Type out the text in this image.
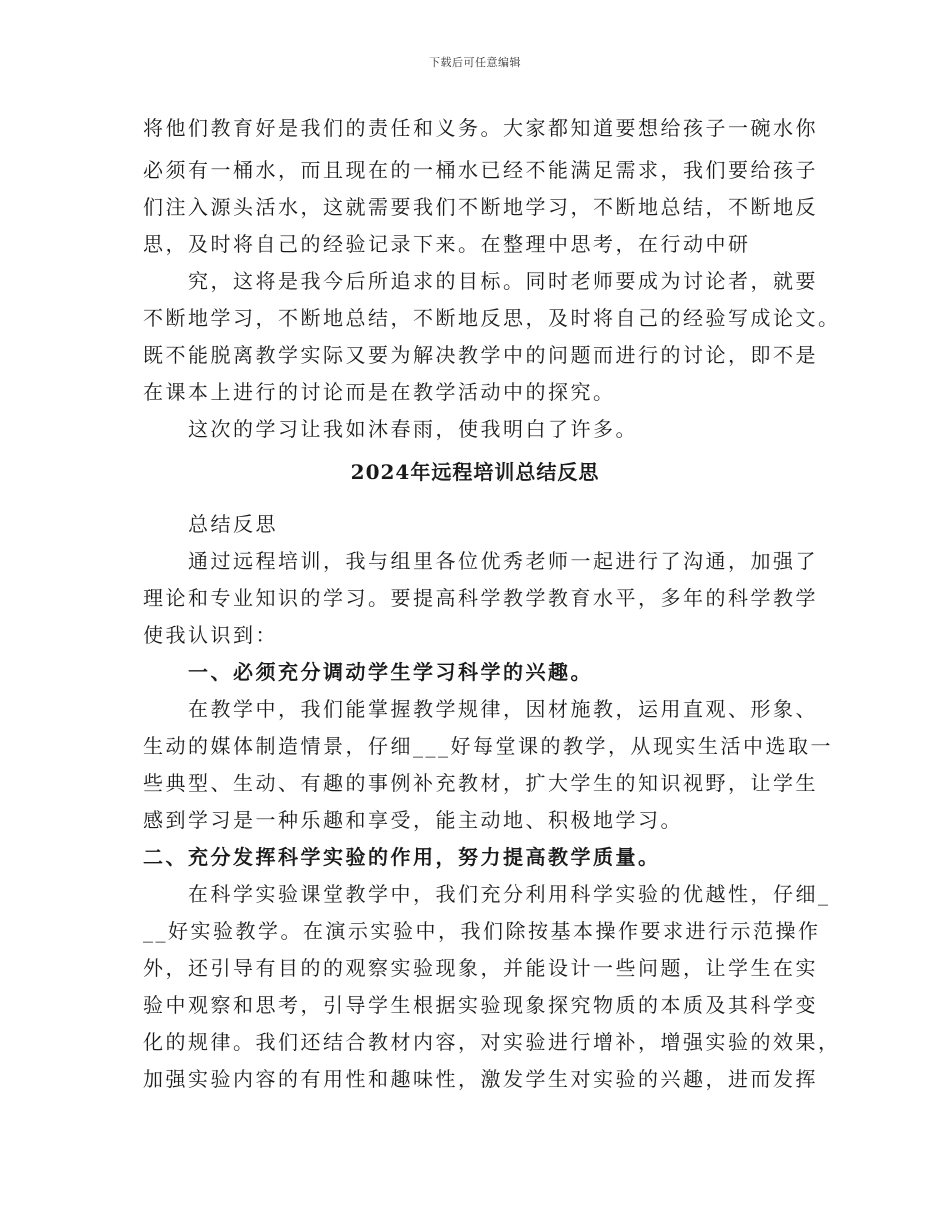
下载后可任意编辑
将他们教育好是我们的责任和义务。大家都知道要想给孩子一碗水你
必须有一桶水，而且现在的一桶水已经不能满足需求，我们要给孩子
们注入源头活水，这就需要我们不断地学习，不断地总结，不断地反
思，及时将自己的经验记录下来。在整理中思考，在行动中研
究，这将是我今后所追求的目标。同时老师要成为讨论者，就要
不断地学习，不断地总结，不断地反思，及时将自己的经验写成论文。
既不能脱离教学实际又要为解决教学中的问题而进行的讨论，即不是
在课本上进行的讨论而是在教学活动中的探究。
这次的学习让我如沐春雨，使我明白了许多。
2024年远程培训总结反思
总结反思
通过远程培训，我与组里各位优秀老师一起进行了沟通，加强了
理论和专业知识的学习。要提高科学教学教育水平，多年的科学教学
使我认识到：
一、必须充分调动学生学习科学的兴趣。
在教学中，我们能掌握教学规律，因材施教，运用直观、形象、
生动的媒体制造情景，仔细___好每堂课的教学，从现实生活中选取一
些典型、生动、有趣的事例补充教材，扩大学生的知识视野，让学生
感到学习是一种乐趣和享受，能主动地、积极地学习。
二、充分发挥科学实验的作用，努力提高教学质量。
在科学实验课堂教学中，我们充分利用科学实验的优越性，仔细_
__好实验教学。在演示实验中，我们除按基本操作要求进行示范操作
外，还引导有目的的观察实验现象，并能设计一些问题，让学生在实
验中观察和思考，引导学生根据实验现象探究物质的本质及其科学变
化的规律。我们还结合教材内容，对实验进行增补，增强实验的效果，
加强实验内容的有用性和趣味性，激发学生对实验的兴趣，进而发挥
